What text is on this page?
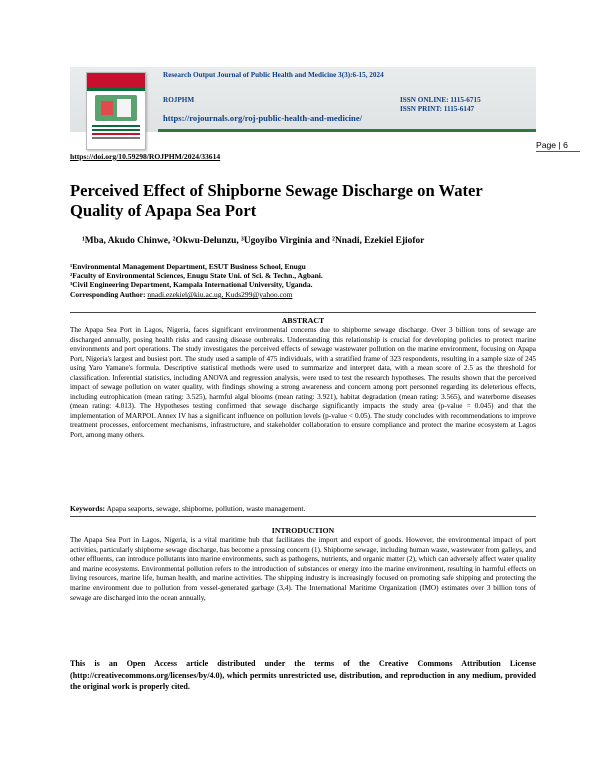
Research Output Journal of Public Health and Medicine 3(3):6-15, 2024
ROJPHM	ISSN ONLINE: 1115-6715
ISSN PRINT: 1115-6147
https://rojournals.org/roj-public-health-and-medicine/
Page | 6
https://doi.org/10.59298/ROJPHM/2024/33614
Perceived Effect of Shipborne Sewage Discharge on Water Quality of Apapa Sea Port
¹Mba, Akudo Chinwe, ²Okwu-Delunzu, ³Ugoyibo Virginia and ²Nnadi, Ezekiel Ejiofor
¹Environmental Management Department, ESUT Business School, Enugu
²Faculty of Environmental Sciences, Enugu State Uni. of Sci. & Techn., Agbani.
³Civil Engineering Department, Kampala International University, Uganda.
Corresponding Author: nnadi.ezekiel@kiu.ac.ug, Kuds299@yahoo.com
ABSTRACT

The Apapa Sea Port in Lagos, Nigeria, faces significant environmental concerns due to shipborne sewage discharge. Over 3 billion tons of sewage are discharged annually, posing health risks and causing disease outbreaks. Understanding this relationship is crucial for developing policies to protect marine environments and port operations. The study investigates the perceived effects of sewage wastewater pollution on the marine environment, focusing on Apapa Port, Nigeria's largest and busiest port. The study used a sample of 475 individuals, with a stratified frame of 323 respondents, resulting in a sample size of 245 using Yaro Yamane's formula. Descriptive statistical methods were used to summarize and interpret data, with a mean score of 2.5 as the threshold for classification. Inferential statistics, including ANOVA and regression analysis, were used to test the research hypotheses. The results shown that the perceived impact of sewage pollution on water quality, with findings showing a strong awareness and concern among port personnel regarding its deleterious effects, including eutrophication (mean rating: 3.525), harmful algal blooms (mean rating: 3.921), habitat degradation (mean rating: 3.565), and waterborne diseases (mean rating: 4.013). The Hypotheses testing confirmed that sewage discharge significantly impacts the study area (p-value = 0.045) and that the implementation of MARPOL Annex IV has a significant influence on pollution levels (p-value < 0.05). The study concludes with recommendations to improve treatment processes, enforcement mechanisms, infrastructure, and stakeholder collaboration to ensure compliance and protect the marine ecosystem at Lagos Port, among many others.

Keywords: Apapa seaports, sewage, shipborne, pollution, waste management.
INTRODUCTION

The Apapa Sea Port in Lagos, Nigeria, is a vital maritime hub that facilitates the import and export of goods. However, the environmental impact of port activities, particularly shipborne sewage discharge, has become a pressing concern (1). Shipborne sewage, including human waste, wastewater from galleys, and other effluents, can introduce pollutants into marine environments, such as pathogens, nutrients, and organic matter (2), which can adversely affect water quality and marine ecosystems. Environmental pollution refers to the introduction of substances or energy into the marine environment, resulting in harmful effects on living resources, marine life, human health, and marine activities. The shipping industry is increasingly focused on promoting safe shipping and protecting the marine environment due to pollution from vessel-generated garbage (3,4). The International Maritime Organization (IMO) estimates over 3 billion tons of sewage are discharged into the ocean annually,

This is an Open Access article distributed under the terms of the Creative Commons Attribution License (http://creativecommons.org/licenses/by/4.0), which permits unrestricted use, distribution, and reproduction in any medium, provided the original work is properly cited.
